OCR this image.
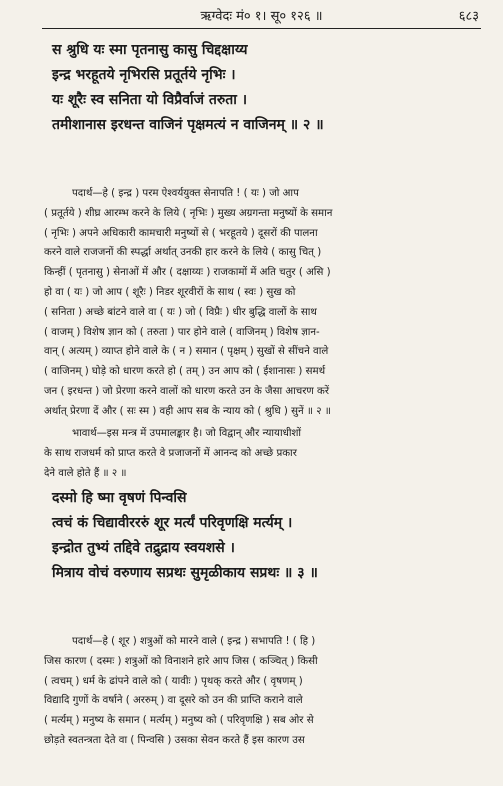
ऋग्वेदः मं० १। सू० १२६ ॥	६८३
स श्रुधि यः स्मा पृतनासु कासु चिद्दक्षाय्य
इन्द्र भरहूतये नृभिरसि प्रतूर्तये नृभिः ।
यः शूरैः स्व सनिता यो विप्रैर्वाजं तरुता ।
तमीशानास इरधन्त वाजिनं पृक्षमत्यं न वाजिनम् ॥ २ ॥
पदार्थ—हे ( इन्द्र ) परम ऐश्वर्ययुक्त सेनापति ! ( यः ) जो आप
( प्रतूर्तये ) शीघ्र आरम्भ करने के लिये ( नृभिः ) मुख्य अग्रगन्ता मनुष्यों के समान
( नृभिः ) अपने अधिकारी कामचारी मनुष्यों से ( भरहूतये ) दूसरों की पालना
करने वाले राजजनों की स्पर्द्धा अर्थात् उनकी हार करने के लिये ( कासु चित् )
किन्हीं ( पृतनासु ) सेनाओं में और ( दक्षाय्यः ) राजकामों में अति चतुर ( असि )
हो वा ( यः ) जो आप ( शूरैः ) निडर शूरवीरों के साथ ( स्वः ) सुख को
( सनिता ) अच्छे बांटने वाले वा ( यः ) जो ( विप्रैः ) धीर बुद्धि वालों के साथ
( वाजम् ) विशेष ज्ञान को ( तरुता ) पार होने वाले ( वाजिनम् ) विशेष ज्ञान-
वान् ( अत्यम् ) व्याप्त होने वाले के ( न ) समान ( पृक्षम् ) सुखों से सींचने वाले
( वाजिनम् ) घोड़े को धारण करते हो ( तम् ) उन आप को ( ईशानासः ) समर्थ
जन ( इरधन्त ) जो प्रेरणा करने वालों को धारण करते उन के जैसा आचरण करें
अर्थात् प्रेरणा दें और ( सः स्म ) वही आप सब के न्याय को ( श्रुधि ) सुनें ॥ २ ॥
भावार्थ—इस मन्त्र में उपमालङ्कार है। जो विद्वान् और न्यायाधीशों
के साथ राजधर्म को प्राप्त करते वे प्रजाजनों में आनन्द को अच्छे प्रकार
देने वाले होते हैं ॥ २ ॥
दस्मो हि ष्मा वृषणं पिन्वसि
त्वचं कं चिद्यावीरररुं शूर मर्त्यं परिवृणक्षि मर्त्यम् ।
इन्द्रोत तुभ्यं तद्दिवे तद्रुद्राय स्वयशसे ।
मित्राय वोचं वरुणाय सप्रथः सुमृळीकाय सप्रथः ॥ ३ ॥
पदार्थ—हे ( शूर ) शत्रुओं को मारने वाले ( इन्द्र ) सभापति ! ( हि )
जिस कारण ( दस्मः ) शत्रुओं को विनाशने हारे आप जिस ( कञ्चित् ) किसी
( त्वचम् ) धर्म के ढांपने वाले को ( यावीः ) पृथक् करते और ( वृषणम् )
विद्यादि गुणों के वर्षाने ( अररुम् ) वा दूसरे को उन की प्राप्ति कराने वाले
( मर्त्यम् ) मनुष्य के समान ( मर्त्यम् ) मनुष्य को ( परिवृणक्षि ) सब ओर से
छोड़ते स्वतन्त्रता देते वा ( पिन्वसि ) उसका सेवन करते हैं इस कारण उस
